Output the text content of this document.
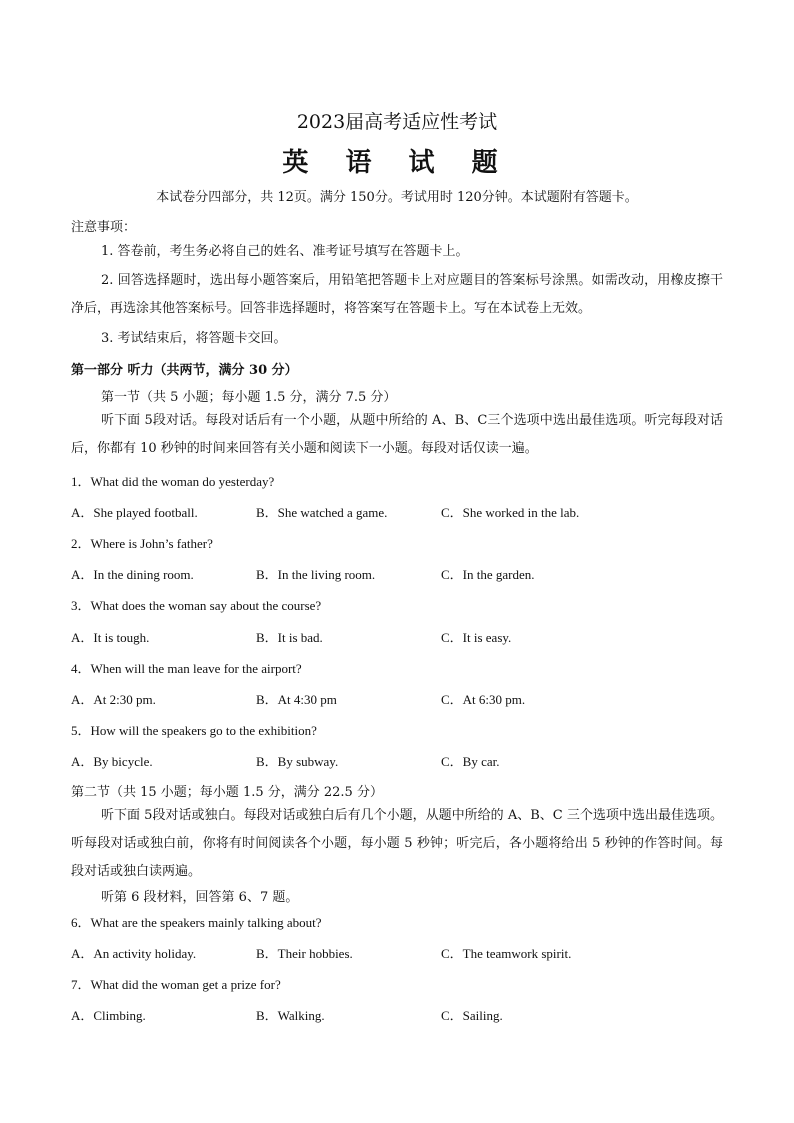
2023届高考适应性考试
英 语 试 题
本试卷分四部分，共 12页。满分 150分。考试用时 120分钟。本试题附有答题卡。
注意事项：
1. 答卷前，考生务必将自己的姓名、准考证号填写在答题卡上。
2. 回答选择题时，选出每小题答案后，用铅笔把答题卡上对应题目的答案标号涂黑。如需改动，用橡皮擦干净后，再选涂其他答案标号。回答非选择题时，将答案写在答题卡上。写在本试卷上无效。
3. 考试结束后，将答题卡交回。
第一部分 听力（共两节，满分 30 分）
第一节（共 5 小题；每小题 1.5 分，满分 7.5 分）
听下面 5段对话。每段对话后有一个小题，从题中所给的 A、B、C三个选项中选出最佳选项。听完每段对话后，你都有 10 秒钟的时间来回答有关小题和阅读下一小题。每段对话仅读一遍。
1．What did the woman do yesterday?
A．She played football.	B．She watched a game.	C．She worked in the lab.
2．Where is John’s father?
A．In the dining room.	B．In the living room.	C．In the garden.
3．What does the woman say about the course?
A．It is tough.	B．It is bad.	C．It is easy.
4．When will the man leave for the airport?
A．At 2:30 pm.	B．At 4:30 pm	C．At 6:30 pm.
5．How will the speakers go to the exhibition?
A．By bicycle.	B．By subway.	C．By car.
第二节（共 15 小题；每小题 1.5 分，满分 22.5 分）
听下面 5段对话或独白。每段对话或独白后有几个小题，从题中所给的 A、B、C 三个选项中选出最佳选项。听每段对话或独白前，你将有时间阅读各个小题，每小题 5 秒钟；听完后，各小题将给出 5 秒钟的作答时间。每段对话或独白读两遍。
听第 6 段材料，回答第 6、7 题。
6．What are the speakers mainly talking about?
A．An activity holiday.	B．Their hobbies.	C．The teamwork spirit.
7．What did the woman get a prize for?
A．Climbing.	B．Walking.	C．Sailing.
